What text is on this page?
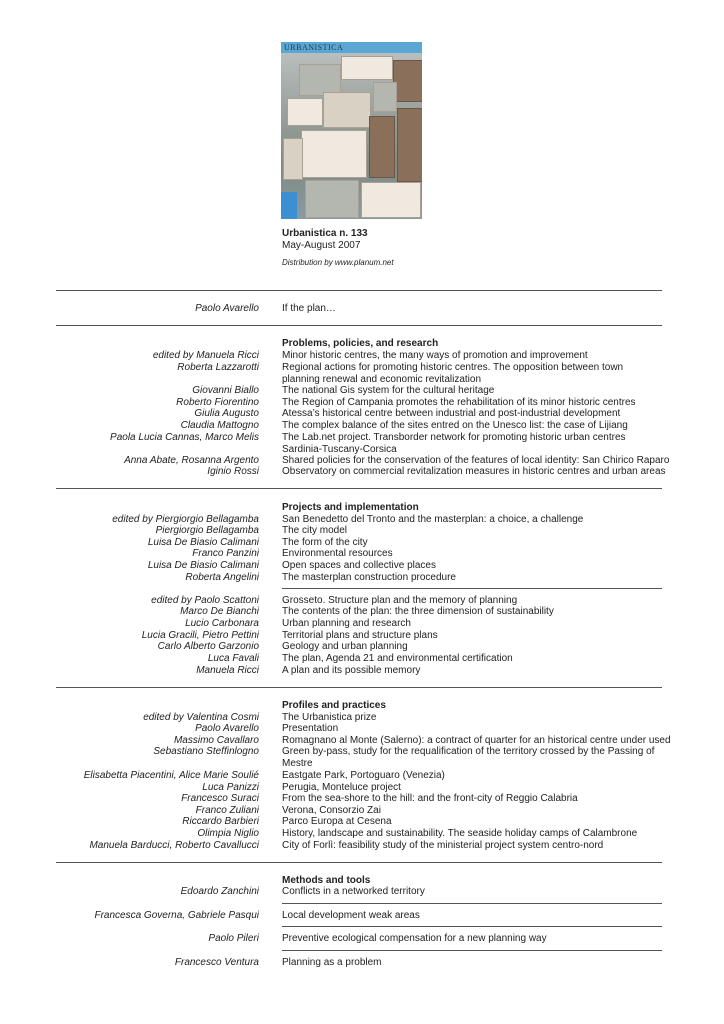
URBANISTICA
Urbanistica n. 133
May-August 2007
Distribution by www.planum.net
Paolo Avarello If the plan…
Problems, policies, and research
edited by Manuela Ricci Minor historic centres, the many ways of promotion and improvement
Roberta Lazzarotti Regional actions for promoting historic centres. The opposition between town planning renewal and economic revitalization
Giovanni Biallo The national Gis system for the cultural heritage
Roberto Fiorentino The Region of Campania promotes the rehabilitation of its minor historic centres
Giulia Augusto Atessa’s historical centre between industrial and post-industrial development
Claudia Mattogno The complex balance of the sites entred on the Unesco list: the case of Lijiang
Paola Lucia Cannas, Marco Melis The Lab.net project. Transborder network for promoting historic urban centres Sardinia-Tuscany-Corsica
Anna Abate, Rosanna Argento Shared policies for the conservation of the features of local identity: San Chirico Raparo
Iginio Rossi Observatory on commercial revitalization measures in historic centres and urban areas
Projects and implementation
edited by Piergiorgio Bellagamba San Benedetto del Tronto and the masterplan: a choice, a challenge
Piergiorgio Bellagamba The city model
Luisa De Biasio Calimani The form of the city
Franco Panzini Environmental resources
Luisa De Biasio Calimani Open spaces and collective places
Roberta Angelini The masterplan construction procedure
edited by Paolo Scattoni Grosseto. Structure plan and the memory of planning
Marco De Bianchi The contents of the plan: the three dimension of sustainability
Lucio Carbonara Urban planning and research
Lucia Gracili, Pietro Pettini Territorial plans and structure plans
Carlo Alberto Garzonio Geology and urban planning
Luca Favali The plan, Agenda 21 and environmental certification
Manuela Ricci A plan and its possible memory
Profiles and practices
edited by Valentina Cosmi The Urbanistica prize
Paolo Avarello Presentation
Massimo Cavallaro Romagnano al Monte (Salerno): a contract of quarter for an historical centre under used
Sebastiano Steffinlogno Green by-pass, study for the requalification of the territory crossed by the Passing of Mestre
Elisabetta Piacentini, Alice Marie Soulié Eastgate Park, Portoguaro (Venezia)
Luca Panizzi Perugia, Monteluce project
Francesco Suraci From the sea-shore to the hill: and the front-city of Reggio Calabria
Franco Zuliani Verona, Consorzio Zai
Riccardo Barbieri Parco Europa at Cesena
Olimpia Niglio History, landscape and sustainability. The seaside holiday camps of Calambrone
Manuela Barducci, Roberto Cavallucci City of Forlì: feasibility study of the ministerial project system centro-nord
Methods and tools
Edoardo Zanchini Conflicts in a networked territory
Francesca Governa, Gabriele Pasqui Local development weak areas
Paolo Pileri Preventive ecological compensation for a new planning way
Francesco Ventura Planning as a problem
